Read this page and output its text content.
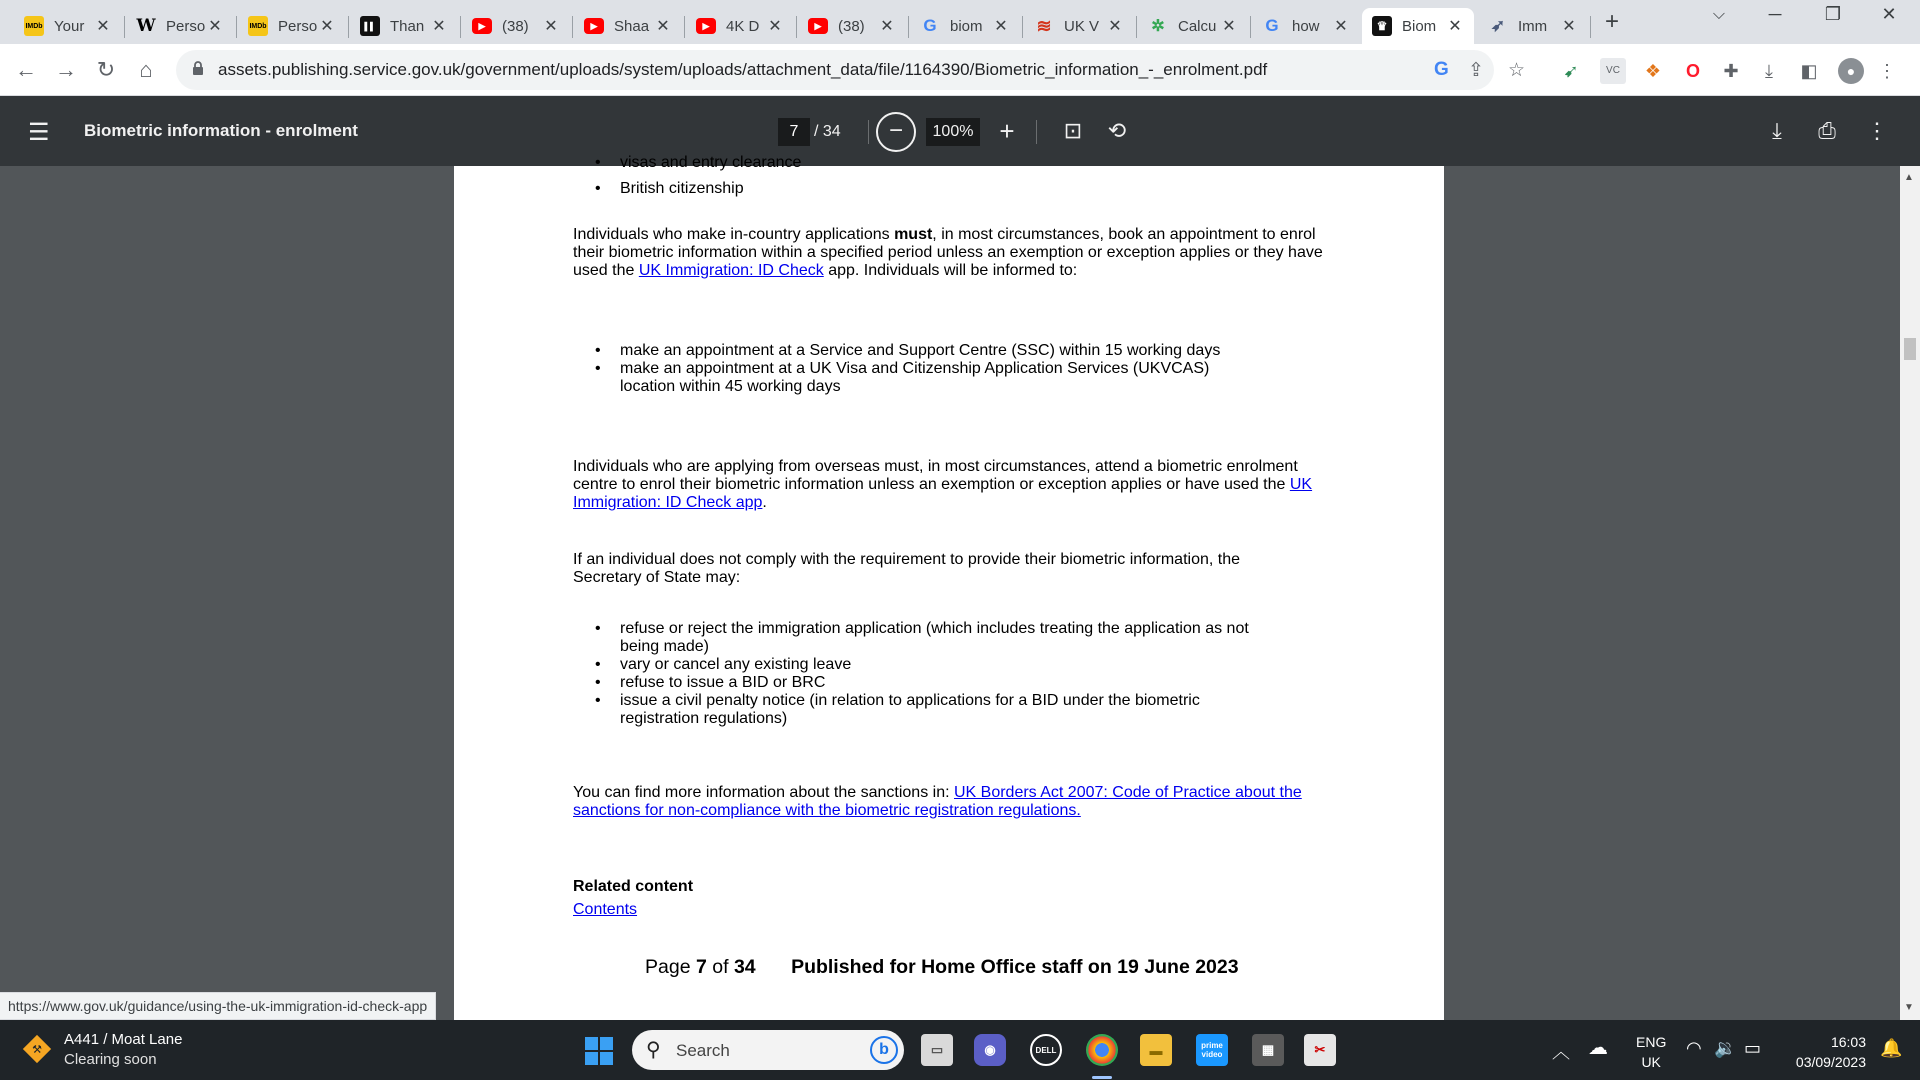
IMDb Your ✕ W Perso ✕	IMDb Perso ✕	▌▌ Than ✕	▶	(38) ✕	▶	Shaa ✕	▶	4K D ✕	▶	(38) ✕ G biom ✕ ≋ UK V ✕ ✲ Calcu ✕ G how ✕	♛ Biom ✕ ➶ Imm ✕ +	⌵	─	❐	✕
← → ↻	⌂	assets.publishing.service.gov.uk/government/uploads/system/uploads/attachment_data/file/1164390/Biometric_information_-_enrolment.pdf	G ⇪ ☆	➹	VC	❖	O	✚	⤓	◧	●	⋮
☰ Biometric information - enrolment	7 / 34	−	100% +	⊡ ⟲	⤓	⎙ ⋮
• visas and entry clearance
• British citizenship
Individuals who make in-country applications must, in most circumstances, book an appointment to enrol their biometric information within a specified period unless an exemption or exception applies or they have used the UK Immigration: ID Check app. Individuals will be informed to:
• make an appointment at a Service and Support Centre (SSC) within 15 working days
• make an appointment at a UK Visa and Citizenship Application Services (UKVCAS) location within 45 working days
Individuals who are applying from overseas must, in most circumstances, attend a biometric enrolment centre to enrol their biometric information unless an exemption or exception applies or have used the UK Immigration: ID Check app.
If an individual does not comply with the requirement to provide their biometric information, the Secretary of State may:
• refuse or reject the immigration application (which includes treating the application as not being made)
• vary or cancel any existing leave
• refuse to issue a BID or BRC
• issue a civil penalty notice (in relation to applications for a BID under the biometric registration regulations)
You can find more information about the sanctions in: UK Borders Act 2007: Code of Practice about the sanctions for non-compliance with the biometric registration regulations.
Related content
Contents
Page 7 of 34 Published for Home Office staff on 19 June 2023
▲
▼
https://www.gov.uk/guidance/using-the-uk-immigration-id-check-app
⚒
A441 / Moat Lane
Clearing soon	⚲ Search	b	▭	◉	DELL	▬	prime video	▦	✂	︿ ☁ ENG
UK
◠ 🔉 ▭	16:03
03/09/2023
🔔
